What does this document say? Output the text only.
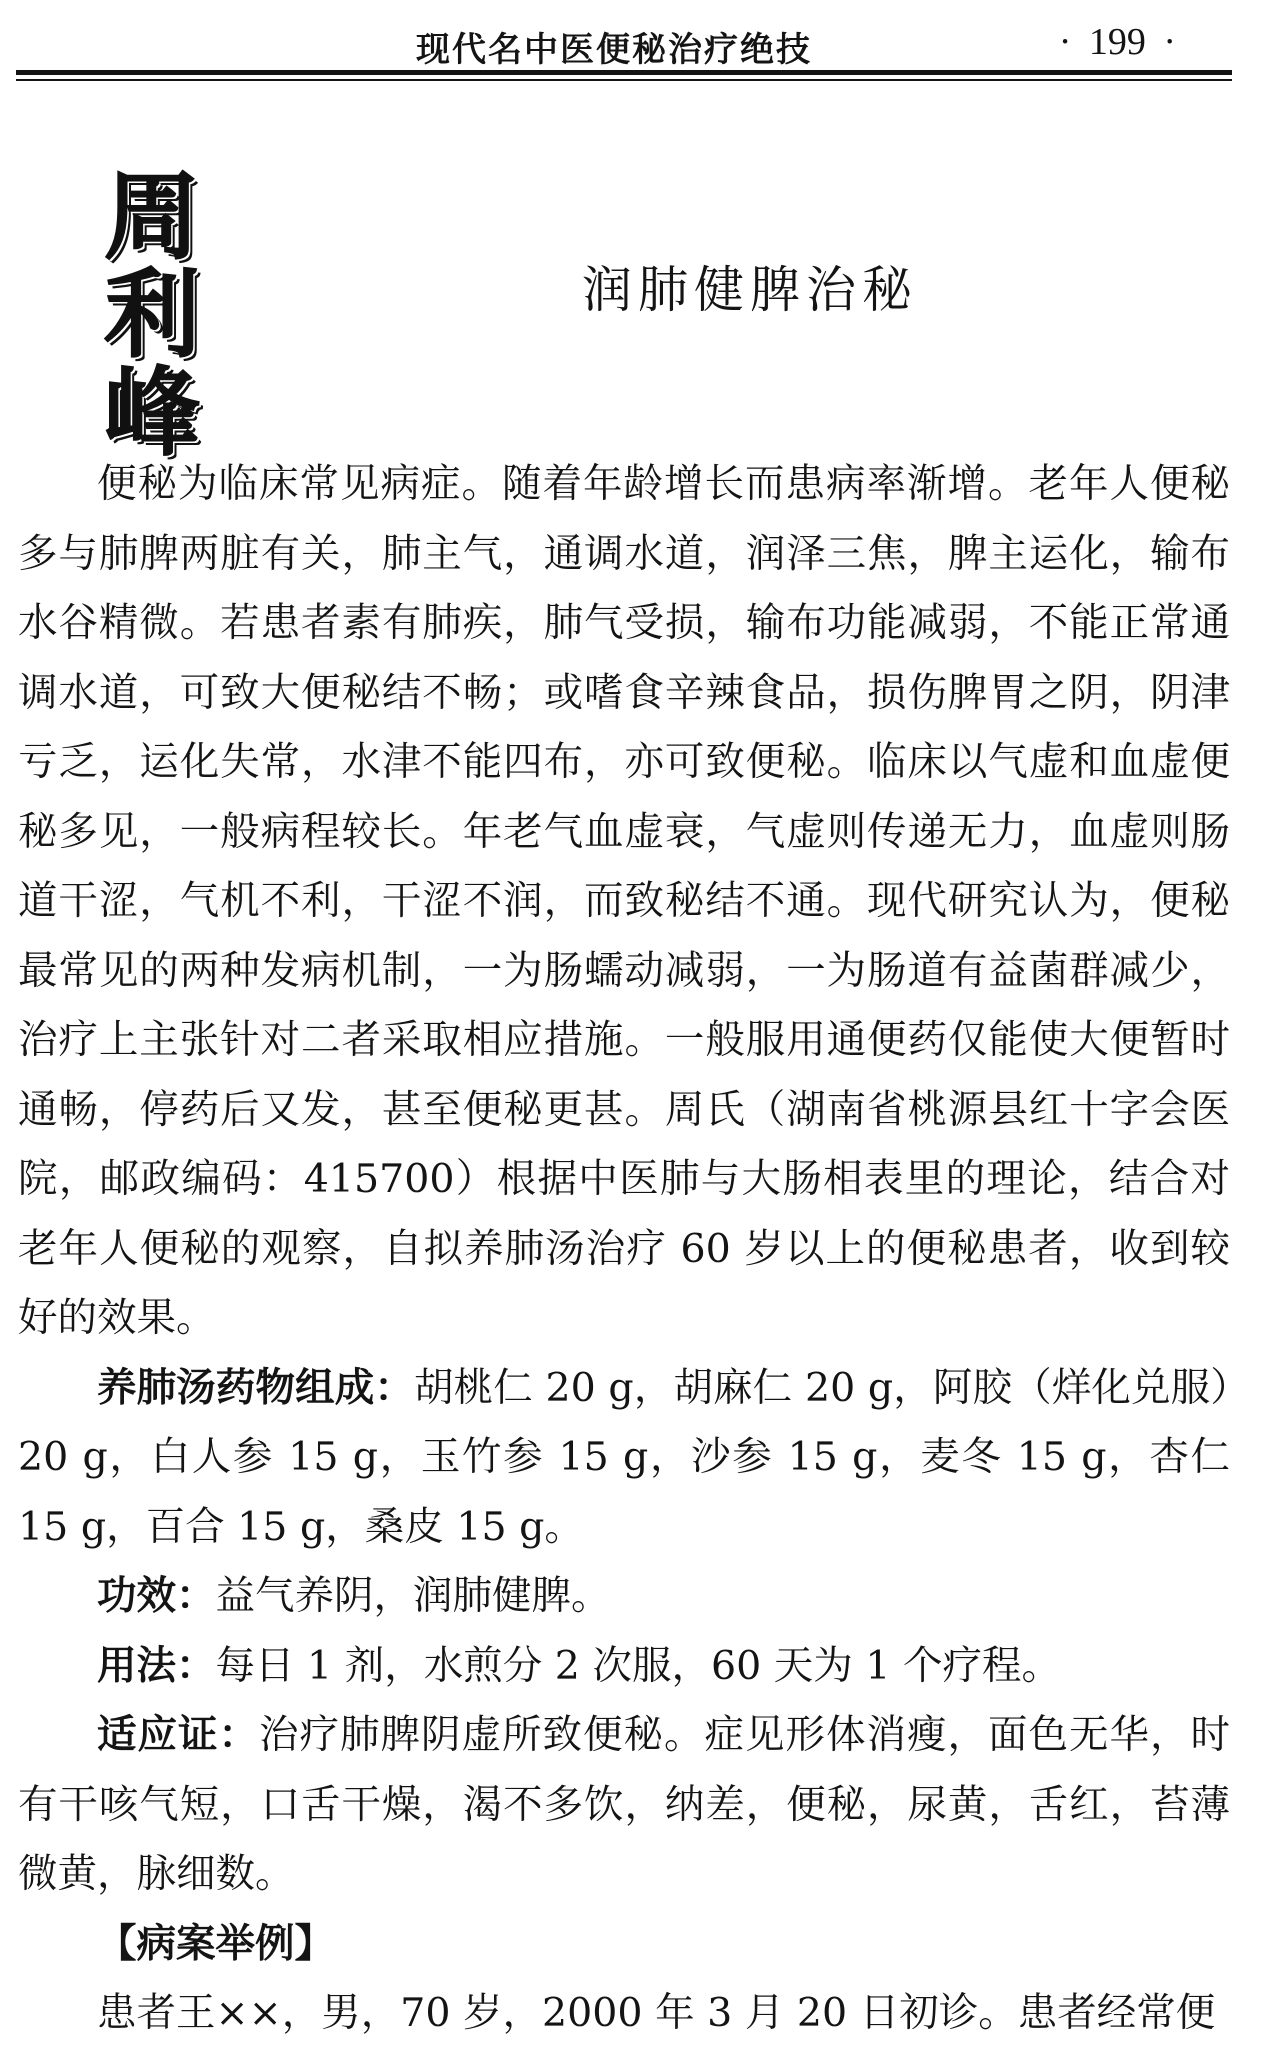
现代名中医便秘治疗绝技	· 199 ·
周
利
峰
润肺健脾治秘

便秘为临床常见病症。随着年龄增长而患病率渐增。老年人便秘多与肺脾两脏有关，肺主气，通调水道，润泽三焦，脾主运化，输布水谷精微。若患者素有肺疾，肺气受损，输布功能减弱，不能正常通调水道，可致大便秘结不畅；或嗜食辛辣食品，损伤脾胃之阴，阴津亏乏，运化失常，水津不能四布，亦可致便秘。临床以气虚和血虚便秘多见，一般病程较长。年老气血虚衰，气虚则传递无力，血虚则肠道干涩，气机不利，干涩不润，而致秘结不通。现代研究认为，便秘最常见的两种发病机制，一为肠蠕动减弱，一为肠道有益菌群减少，治疗上主张针对二者采取相应措施。一般服用通便药仅能使大便暂时通畅，停药后又发，甚至便秘更甚。周氏（湖南省桃源县红十字会医院，邮政编码：415700）根据中医肺与大肠相表里的理论，结合对老年人便秘的观察，自拟养肺汤治疗 60 岁以上的便秘患者，收到较好的效果。

养肺汤药物组成：胡桃仁 20 g，胡麻仁 20 g，阿胶（烊化兑服）20 g，白人参 15 g，玉竹参 15 g，沙参 15 g，麦冬 15 g，杏仁 15 g，百合 15 g，桑皮 15 g。

功效：益气养阴，润肺健脾。

用法：每日 1 剂，水煎分 2 次服，60 天为 1 个疗程。

适应证：治疗肺脾阴虚所致便秘。症见形体消瘦，面色无华，时有干咳气短，口舌干燥，渴不多饮，纳差，便秘，尿黄，舌红，苔薄微黄，脉细数。

【病案举例】

患者王××，男，70 岁，2000 年 3 月 20 日初诊。患者经常便
